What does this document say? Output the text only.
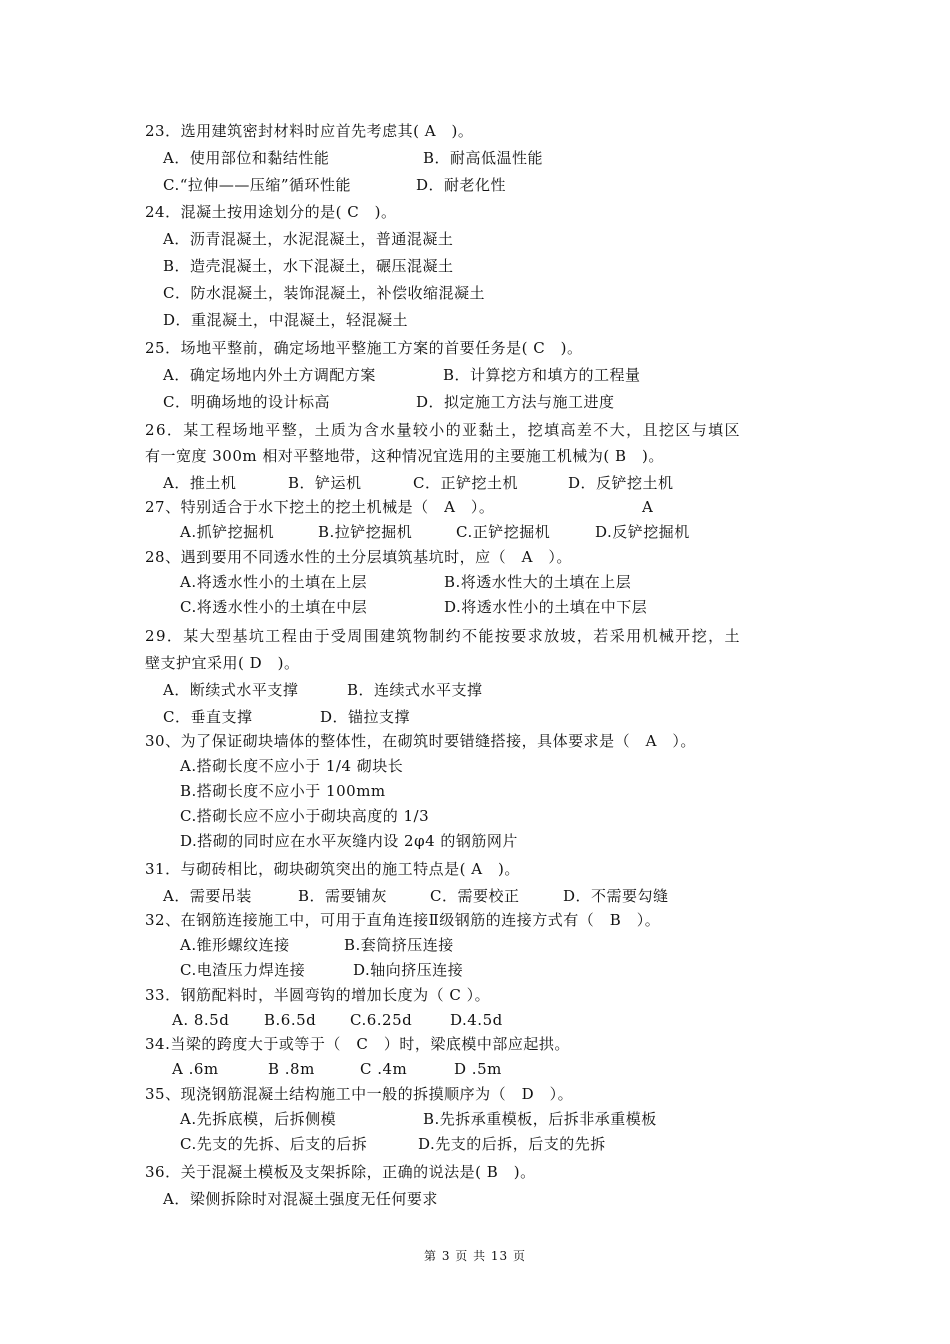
23．选用建筑密封材料时应首先考虑其( A　)。
A．使用部位和黏结性能	B．耐高低温性能
C.“拉伸——压缩”循环性能	D．耐老化性
24．混凝土按用途划分的是( C　)。
A．沥青混凝土，水泥混凝土，普通混凝土
B．造壳混凝土，水下混凝土，碾压混凝土
C．防水混凝土，装饰混凝土，补偿收缩混凝土
D．重混凝土，中混凝土，轻混凝土
25．场地平整前，确定场地平整施工方案的首要任务是( C　)。
A．确定场地内外土方调配方案	B．计算挖方和填方的工程量
C．明确场地的设计标高	D．拟定施工方法与施工进度
26．某工程场地平整，土质为含水量较小的亚黏土，挖填高差不大，且挖区与填区
有一宽度 300m 相对平整地带，这种情况宜选用的主要施工机械为( B　)。
A．推土机	B．铲运机	C．正铲挖土机	D．反铲挖土机
27、特别适合于水下挖土的挖土机械是（　A　）。	A
A.抓铲挖掘机	B.拉铲挖掘机	C.正铲挖掘机	D.反铲挖掘机
28、遇到要用不同透水性的土分层填筑基坑时，应（　A　）。
A.将透水性小的土填在上层	B.将透水性大的土填在上层
C.将透水性小的土填在中层	D.将透水性小的土填在中下层
29．某大型基坑工程由于受周围建筑物制约不能按要求放坡，若采用机械开挖，土
壁支护宜采用( D　)。
A．断续式水平支撑	B．连续式水平支撑
C．垂直支撑	D．锚拉支撑
30、为了保证砌块墙体的整体性，在砌筑时要错缝搭接，具体要求是（　A　）。
A.搭砌长度不应小于 1/4 砌块长
B.搭砌长度不应小于 100mm
C.搭砌长应不应小于砌块高度的 1/3
D.搭砌的同时应在水平灰缝内设 2φ4 的钢筋网片
31．与砌砖相比，砌块砌筑突出的施工特点是( A　)。
A．需要吊装	B．需要铺灰	C．需要校正	D．不需要勾缝
32、在钢筋连接施工中，可用于直角连接Ⅱ级钢筋的连接方式有（　B　）。
A.锥形螺纹连接	B.套筒挤压连接
C.电渣压力焊连接	D.轴向挤压连接
33．钢筋配料时，半圆弯钩的增加长度为（ C ）。
A. 8.5d B.6.5d C.6.25d	D.4.5d
34.当梁的跨度大于或等于（　C　）时，梁底模中部应起拱。
A .6m	B .8m	C .4m	D .5m
35、现浇钢筋混凝土结构施工中一般的拆摸顺序为（　D　）。
A.先拆底模，后拆侧模	B.先拆承重模板，后拆非承重模板
C.先支的先拆、后支的后拆	D.先支的后拆，后支的先拆
36．关于混凝土模板及支架拆除，正确的说法是( B　)。
A．梁侧拆除时对混凝土强度无任何要求
第 3 页 共 13 页
